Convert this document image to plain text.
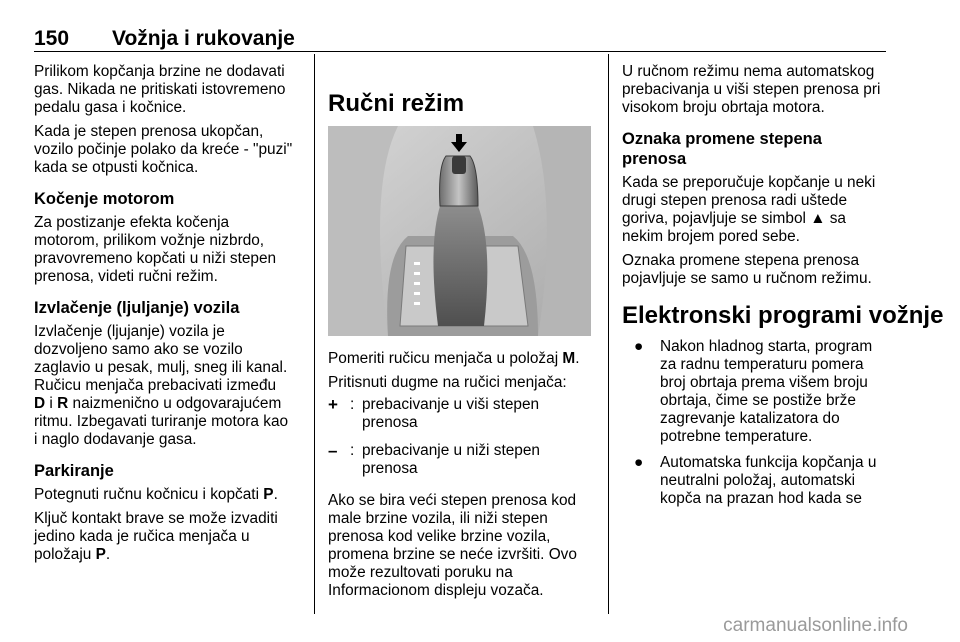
150 Vožnja i rukovanje

Prilikom kopčanja brzine ne dodavati
gas. Nikada ne pritiskati istovremeno
pedalu gasa i kočnice.

Kada je stepen prenosa ukopčan,
vozilo počinje polako da kreće - "puzi"
kada se otpusti kočnica.

Kočenje motorom

Za postizanje efekta kočenja
motorom, prilikom vožnje nizbrdo,
pravovremeno kopčati u niži stepen
prenosa, videti ručni režim.

Izvlačenje (ljuljanje) vozila

Izvlačenje (ljujanje) vozila je
dozvoljeno samo ako se vozilo
zaglavio u pesak, mulj, sneg ili kanal.
Ručicu menjača prebacivati između
D i R naizmenično u odgovarajućem
ritmu. Izbegavati turiranje motora kao
i naglo dodavanje gasa.

Parkiranje

Potegnuti ručnu kočnicu i kopčati P.

Ključ kontakt brave se može izvaditi
jedino kada je ručica menjača u
položaju P.

Ručni režim

Pomeriti ručicu menjača u položaj M.

Pritisnuti dugme na ručici menjača:

+ : prebacivanje u viši stepen
prenosa
– : prebacivanje u niži stepen
prenosa

Ako se bira veći stepen prenosa kod
male brzine vozila, ili niži stepen
prenosa kod velike brzine vozila,
promena brzine se neće izvršiti. Ovo
može rezultovati poruku na
Informacionom displeju vozača.

U ručnom režimu nema automatskog
prebacivanja u viši stepen prenosa pri
visokom broju obrtaja motora.

Oznaka promene stepena
prenosa

Kada se preporučuje kopčanje u neki
drugi stepen prenosa radi uštede
goriva, pojavljuje se simbol ▲ sa
nekim brojem pored sebe.

Oznaka promene stepena prenosa
pojavljuje se samo u ručnom režimu.

Elektronski programi vožnje
●	Nakon hladnog starta, program
za radnu temperaturu pomera
broj obrtaja prema višem broju
obrtaja, čime se postiže brže
zagrevanje katalizatora do
potrebne temperature.
●	Automatska funkcija kopčanja u
neutralni položaj, automatski
kopča na prazan hod kada se
carmanualsonline.info
